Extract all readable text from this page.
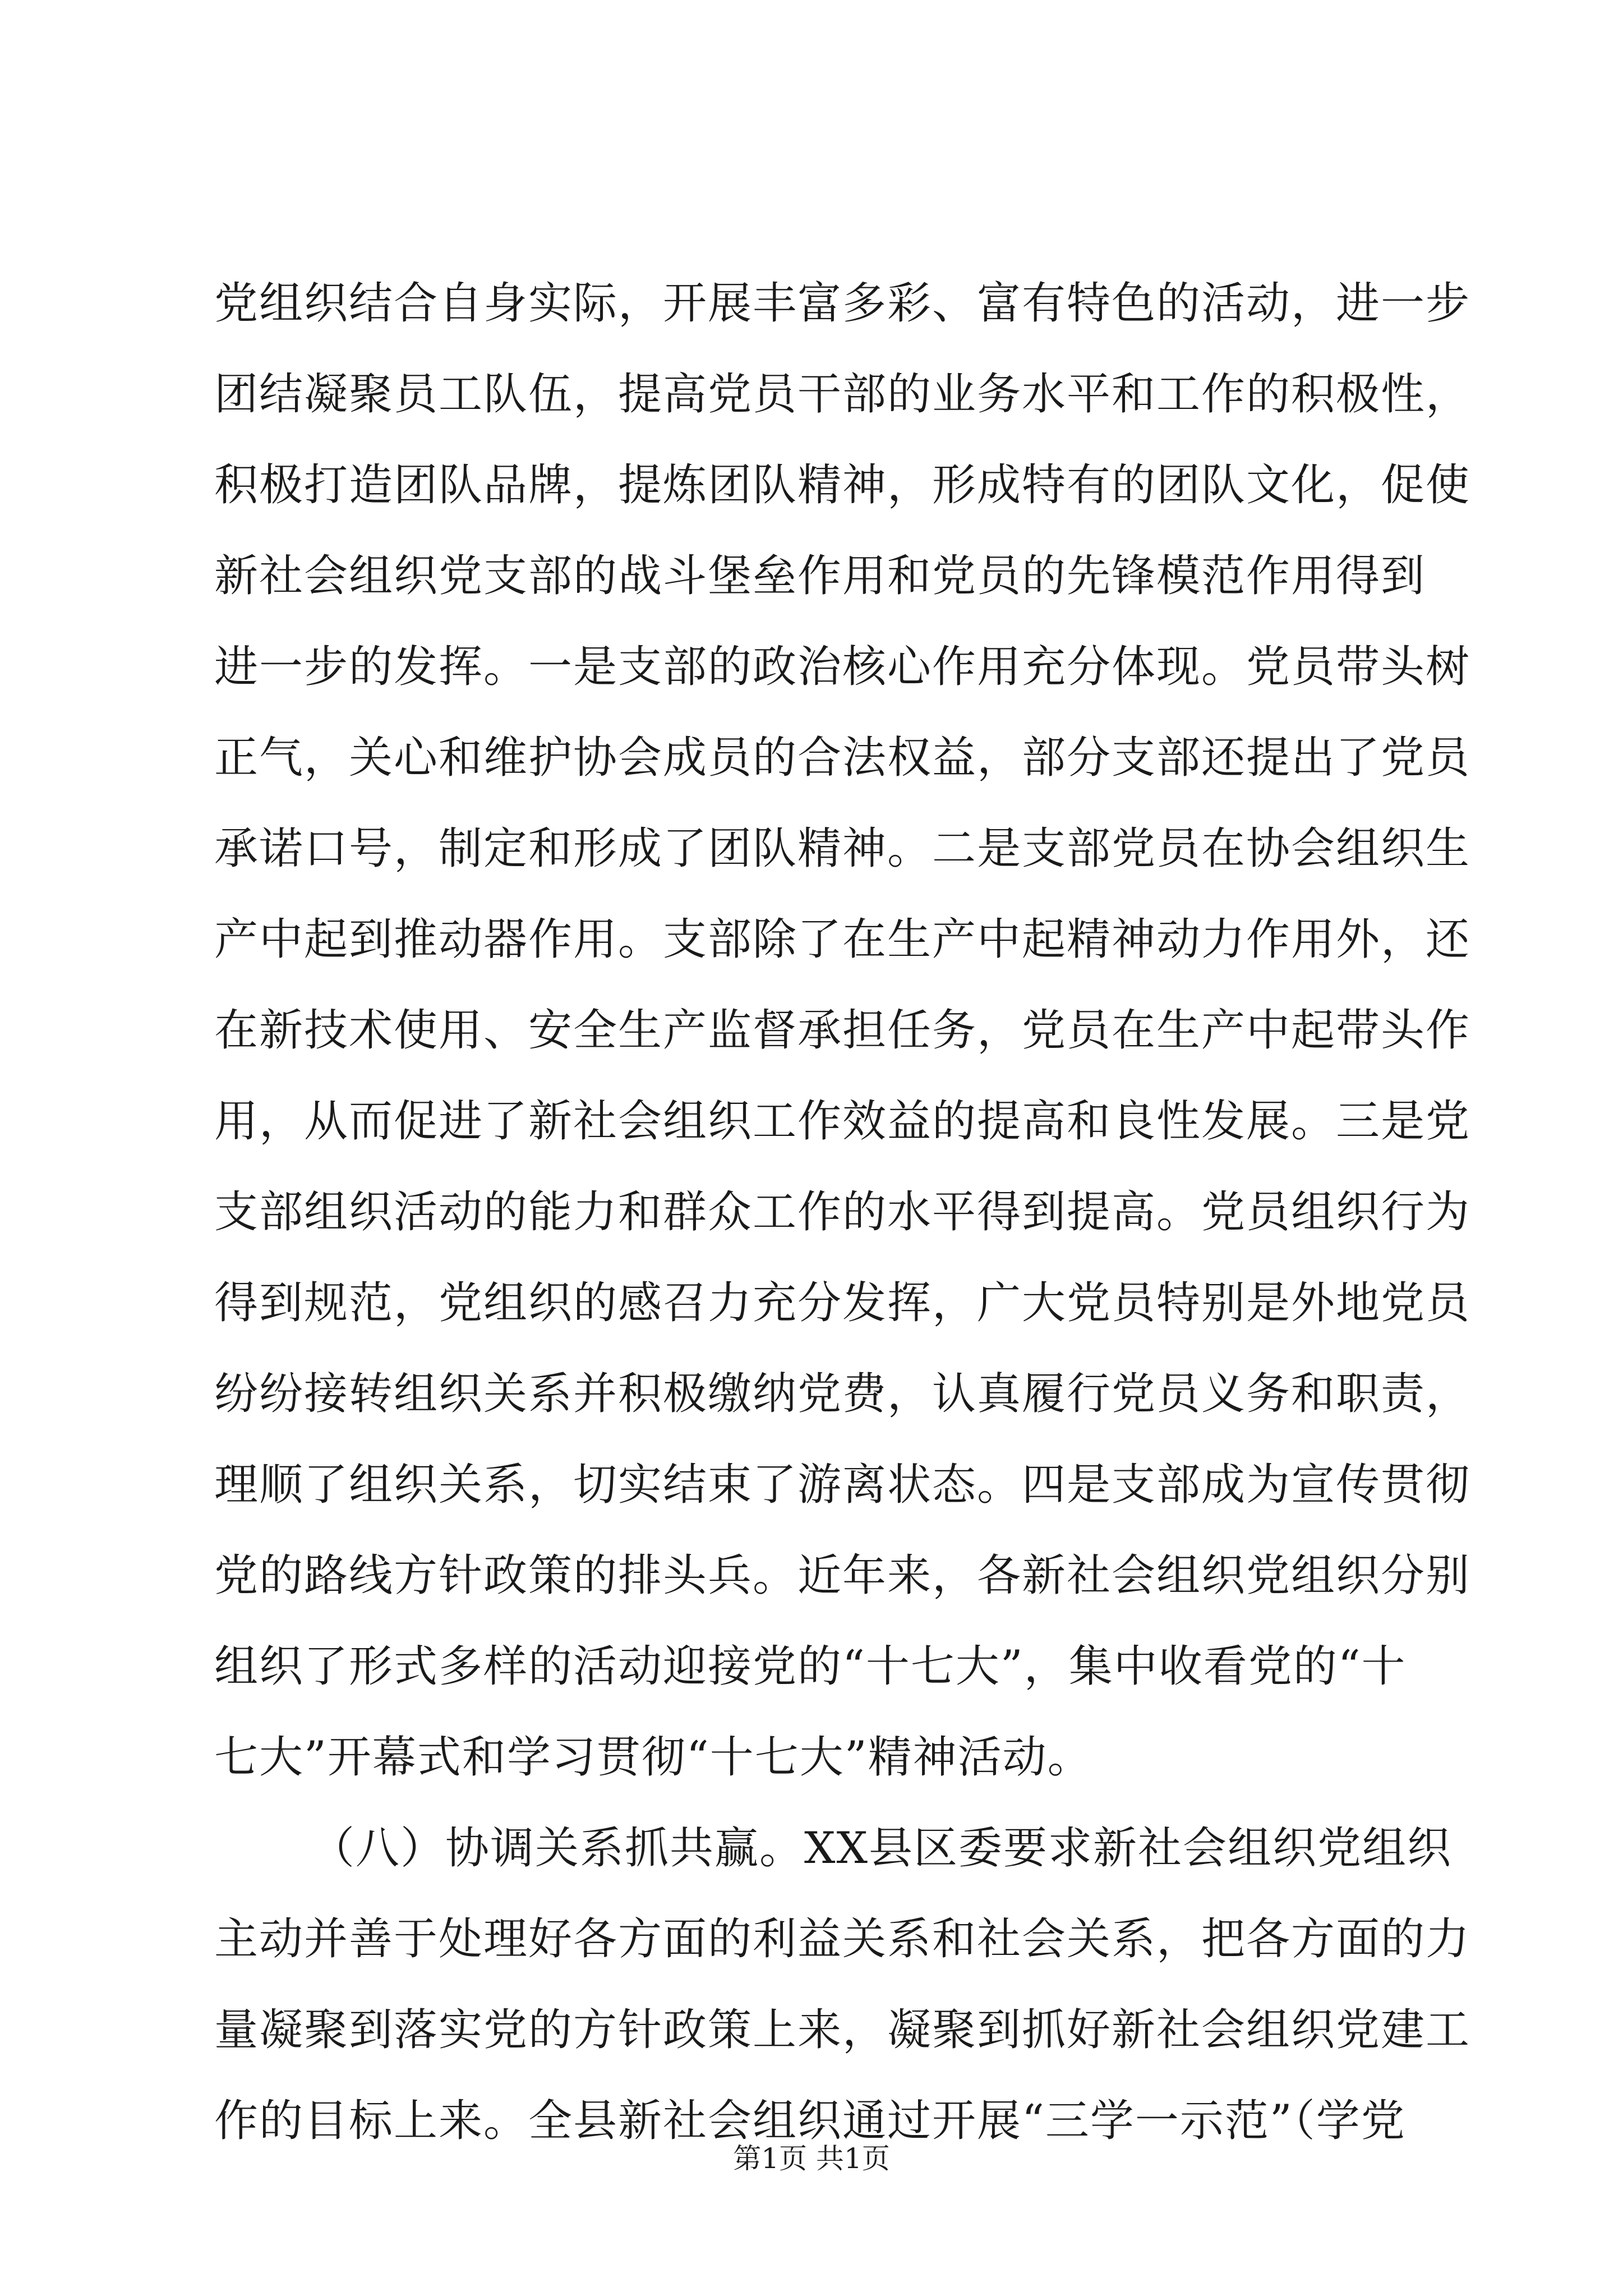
党组织结合自身实际，开展丰富多彩、富有特色的活动，进一步
团结凝聚员工队伍，提高党员干部的业务水平和工作的积极性，
积极打造团队品牌，提炼团队精神，形成特有的团队文化，促使
新社会组织党支部的战斗堡垒作用和党员的先锋模范作用得到
进一步的发挥。一是支部的政治核心作用充分体现。党员带头树
正气，关心和维护协会成员的合法权益，部分支部还提出了党员
承诺口号，制定和形成了团队精神。二是支部党员在协会组织生
产中起到推动器作用。支部除了在生产中起精神动力作用外，还
在新技术使用、安全生产监督承担任务，党员在生产中起带头作
用，从而促进了新社会组织工作效益的提高和良性发展。三是党
支部组织活动的能力和群众工作的水平得到提高。党员组织行为
得到规范，党组织的感召力充分发挥，广大党员特别是外地党员
纷纷接转组织关系并积极缴纳党费，认真履行党员义务和职责，
理顺了组织关系，切实结束了游离状态。四是支部成为宣传贯彻
党的路线方针政策的排头兵。近年来，各新社会组织党组织分别
组织了形式多样的活动迎接党的“十七大”，集中收看党的“十
七大”开幕式和学习贯彻“十七大”精神活动。
（八）协调关系抓共赢。XX县区委要求新社会组织党组织
主动并善于处理好各方面的利益关系和社会关系，把各方面的力
量凝聚到落实党的方针政策上来，凝聚到抓好新社会组织党建工
作的目标上来。全县新社会组织通过开展“三学一示范”（学党
第1页 共1页
